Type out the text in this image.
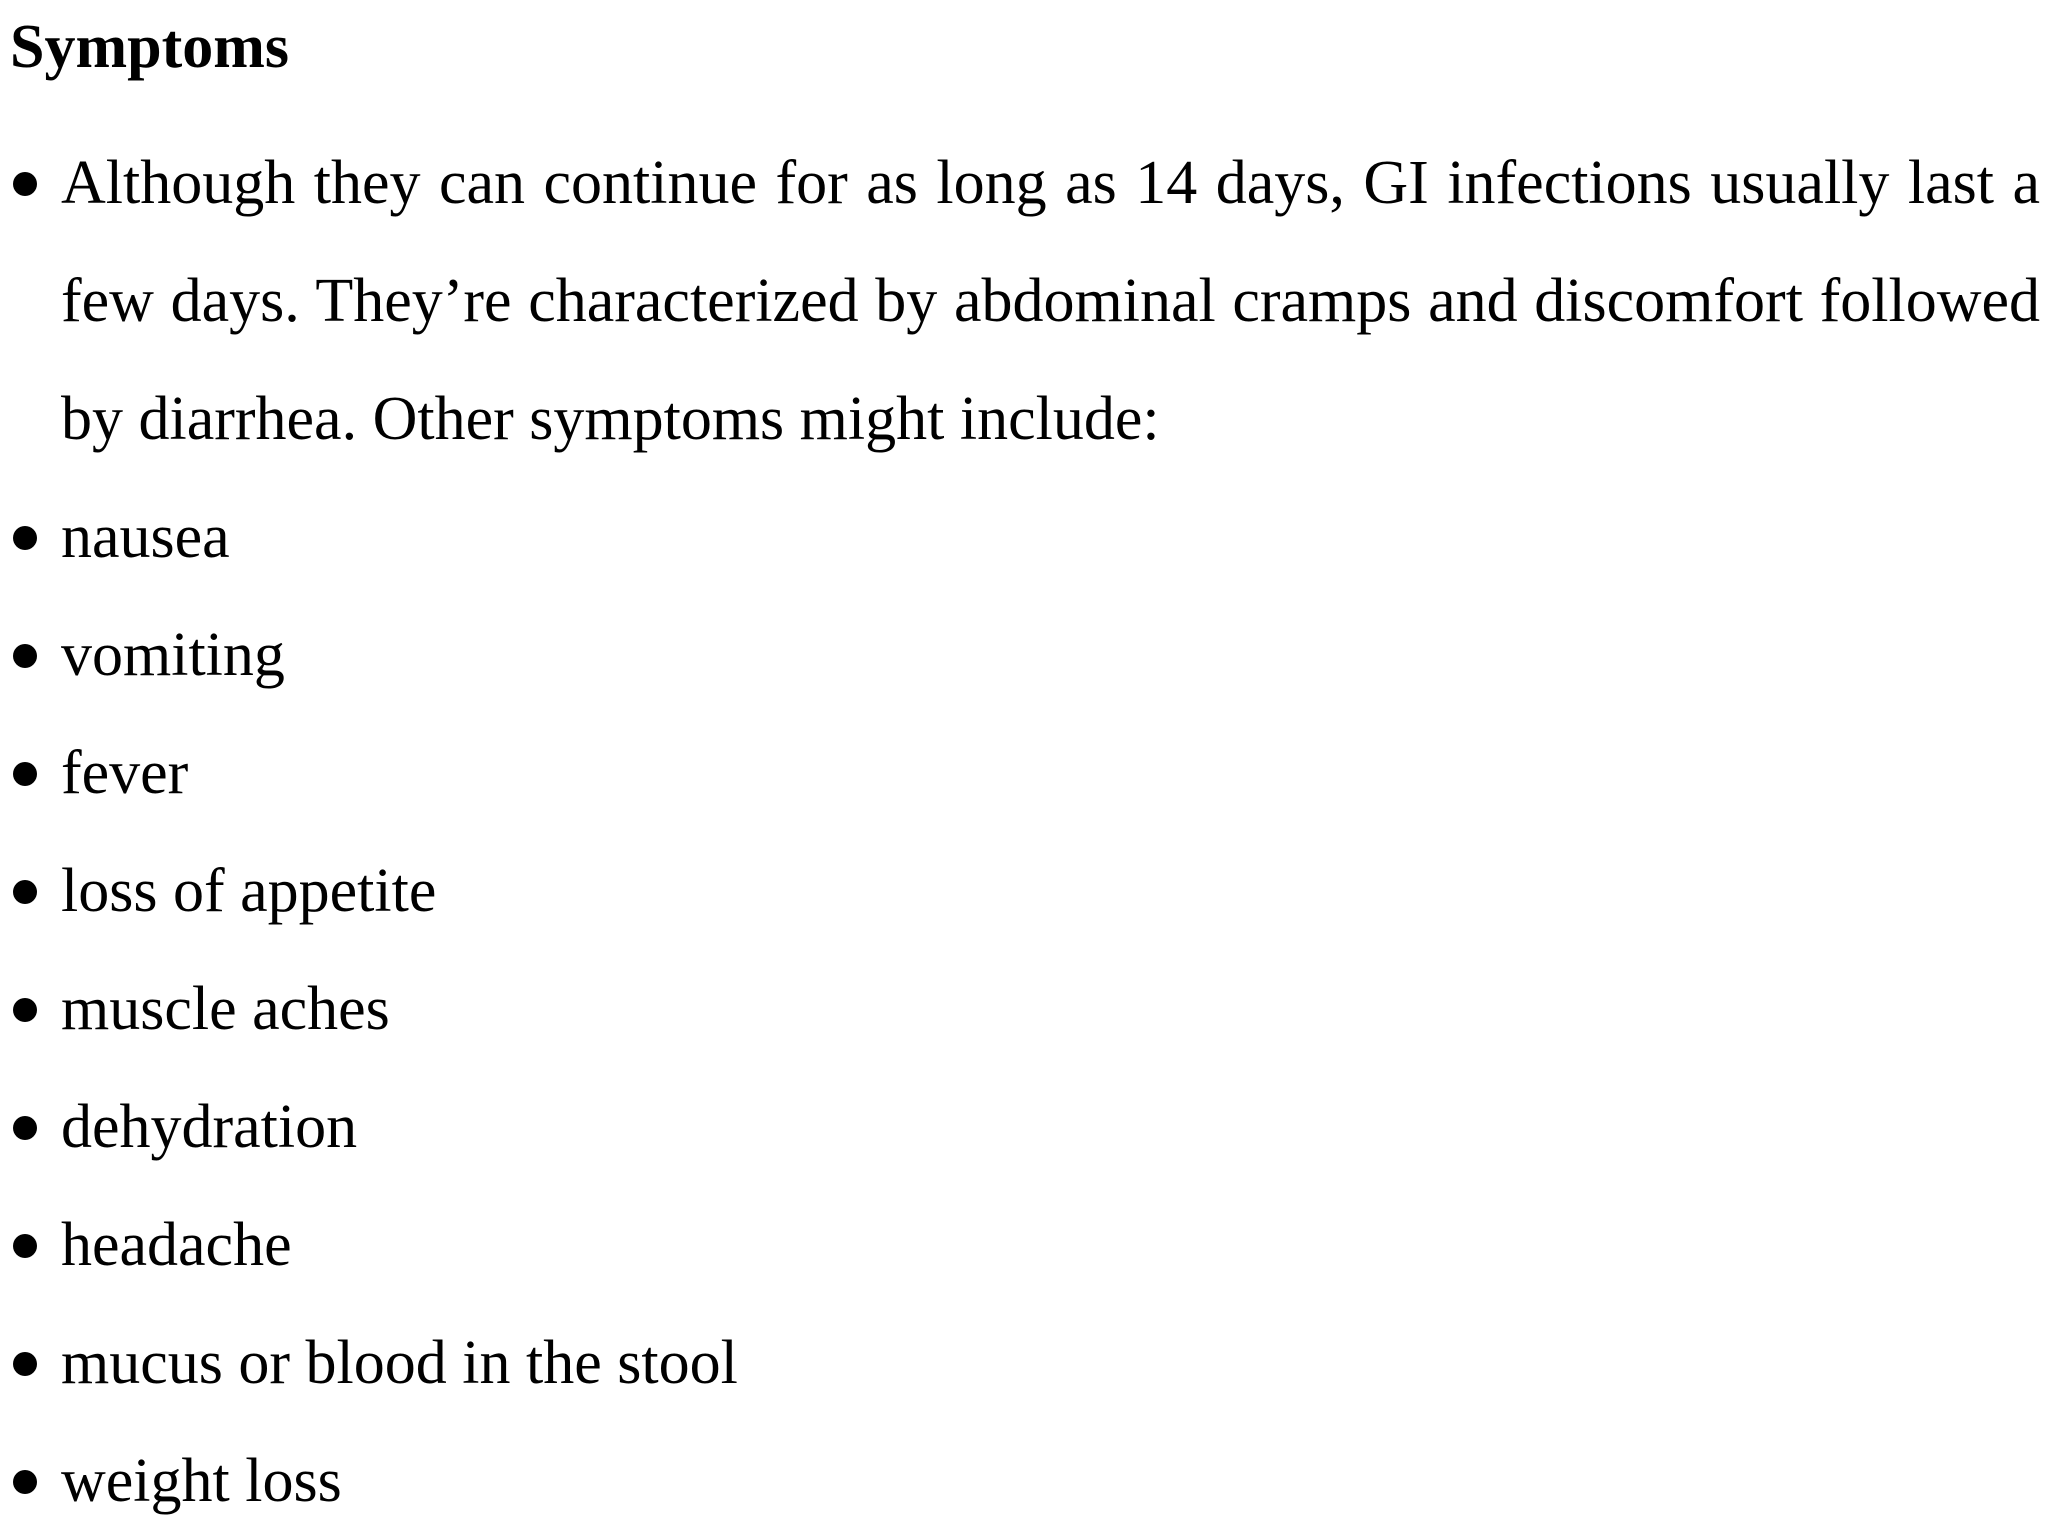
Symptoms
Although they can continue for as long as 14 days, GI infections usually last a few days. They’re characterized by abdominal cramps and discomfort followed by diarrhea. Other symptoms might include:
nausea
vomiting
fever
loss of appetite
muscle aches
dehydration
headache
mucus or blood in the stool
weight loss
